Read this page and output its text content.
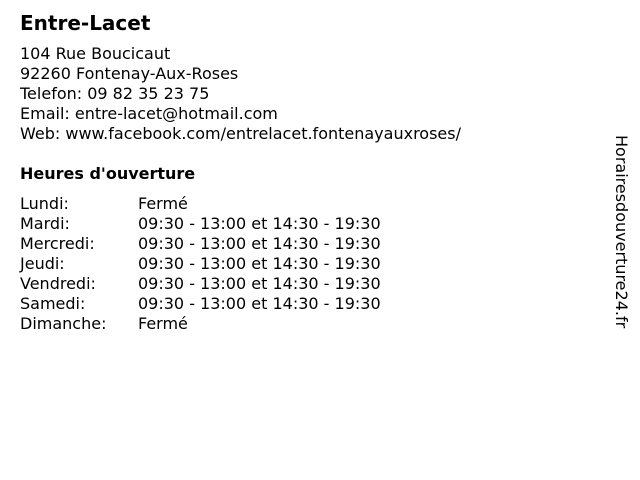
Entre-Lacet
104 Rue Boucicaut
92260 Fontenay-Aux-Roses
Telefon: 09 82 35 23 75
Email: entre-lacet@hotmail.com
Web: www.facebook.com/entrelacet.fontenayauxroses/
Heures d'ouverture
Lundi:	Fermé
Mardi:	09:30 - 13:00 et 14:30 - 19:30
Mercredi:	09:30 - 13:00 et 14:30 - 19:30
Jeudi:	09:30 - 13:00 et 14:30 - 19:30
Vendredi:	09:30 - 13:00 et 14:30 - 19:30
Samedi:	09:30 - 13:00 et 14:30 - 19:30
Dimanche:	Fermé	Horairesdouverture24.fr
